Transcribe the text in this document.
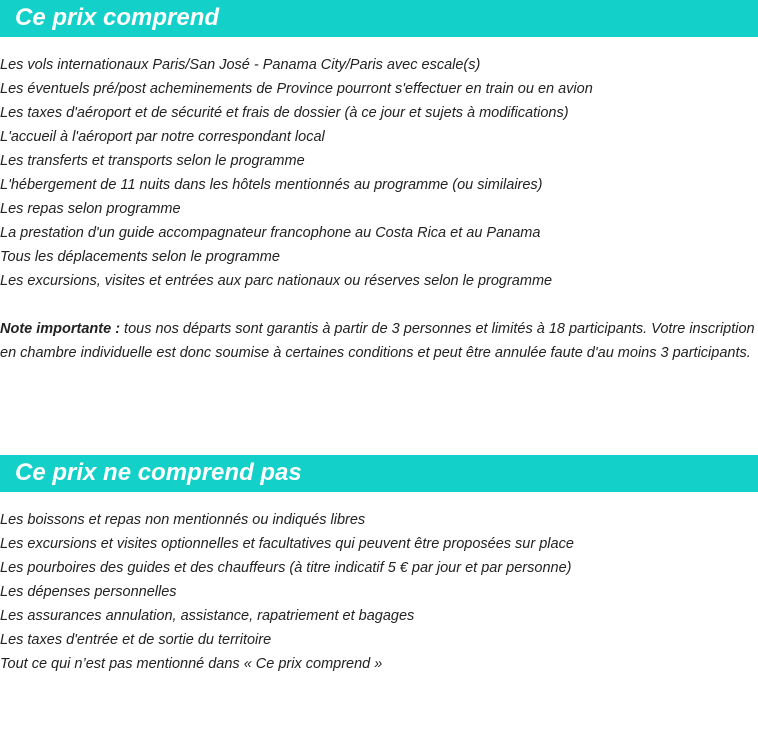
Ce prix comprend
Les vols internationaux Paris/San José - Panama City/Paris avec escale(s)
Les éventuels pré/post acheminements de Province pourront s'effectuer en train ou en avion
Les taxes d'aéroport et de sécurité et frais de dossier (à ce jour et sujets à modifications)
L'accueil à l'aéroport par notre correspondant local
Les transferts et transports selon le programme
L'hébergement de 11 nuits dans les hôtels mentionnés au programme (ou similaires)
Les repas selon programme
La prestation d'un guide accompagnateur francophone au Costa Rica et au Panama
Tous les déplacements selon le programme
Les excursions, visites et entrées aux parc nationaux ou réserves selon le programme

Note importante : tous nos départs sont garantis à partir de 3 personnes et limités à 18 participants. Votre inscription en chambre individuelle est donc soumise à certaines conditions et peut être annulée faute d'au moins 3 participants.

Ce prix ne comprend pas
Les boissons et repas non mentionnés ou indiqués libres
Les excursions et visites optionnelles et facultatives qui peuvent être proposées sur place
Les pourboires des guides et des chauffeurs (à titre indicatif 5 € par jour et par personne)
Les dépenses personnelles
Les assurances annulation, assistance, rapatriement et bagages
Les taxes d'entrée et de sortie du territoire
Tout ce qui n’est pas mentionné dans « Ce prix comprend »
